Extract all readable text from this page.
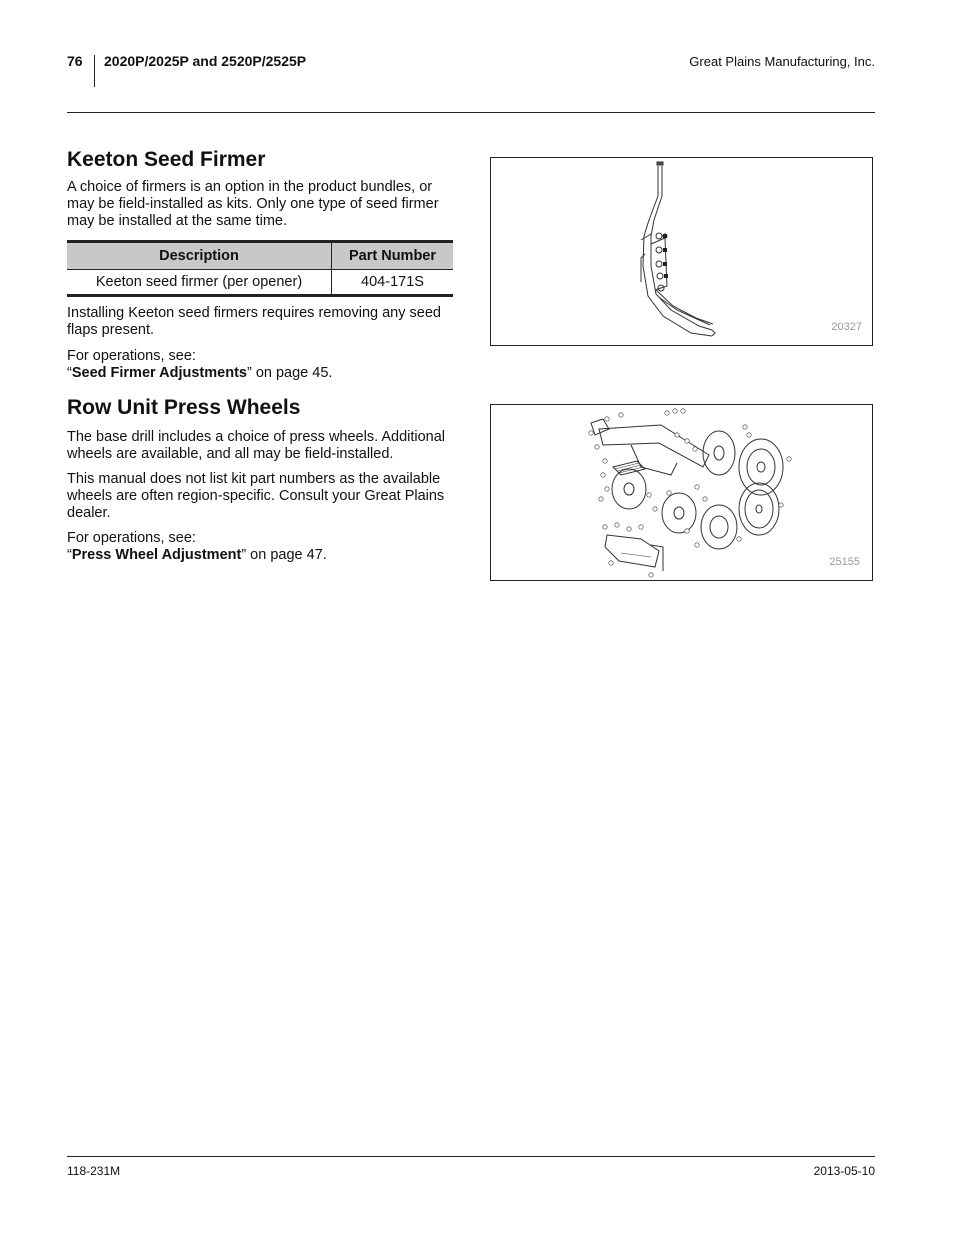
76 2020P/2025P and 2520P/2525P	Great Plains Manufacturing, Inc.
Keeton Seed Firmer

A choice of firmers is an option in the product bundles, or may be field-installed as kits. Only one type of seed firmer may be installed at the same time.

Description	Part Number
Keeton seed firmer (per opener)	404-171S

Installing Keeton seed firmers requires removing any seed flaps present.

For operations, see:

“Seed Firmer Adjustments” on page 45.

Row Unit Press Wheels

The base drill includes a choice of press wheels. Additional wheels are available, and all may be field-installed.

This manual does not list kit part numbers as the available wheels are often region-specific. Consult your Great Plains dealer.

For operations, see:

“Press Wheel Adjustment” on page 47.

20327
25155
118-231M	2013-05-10
